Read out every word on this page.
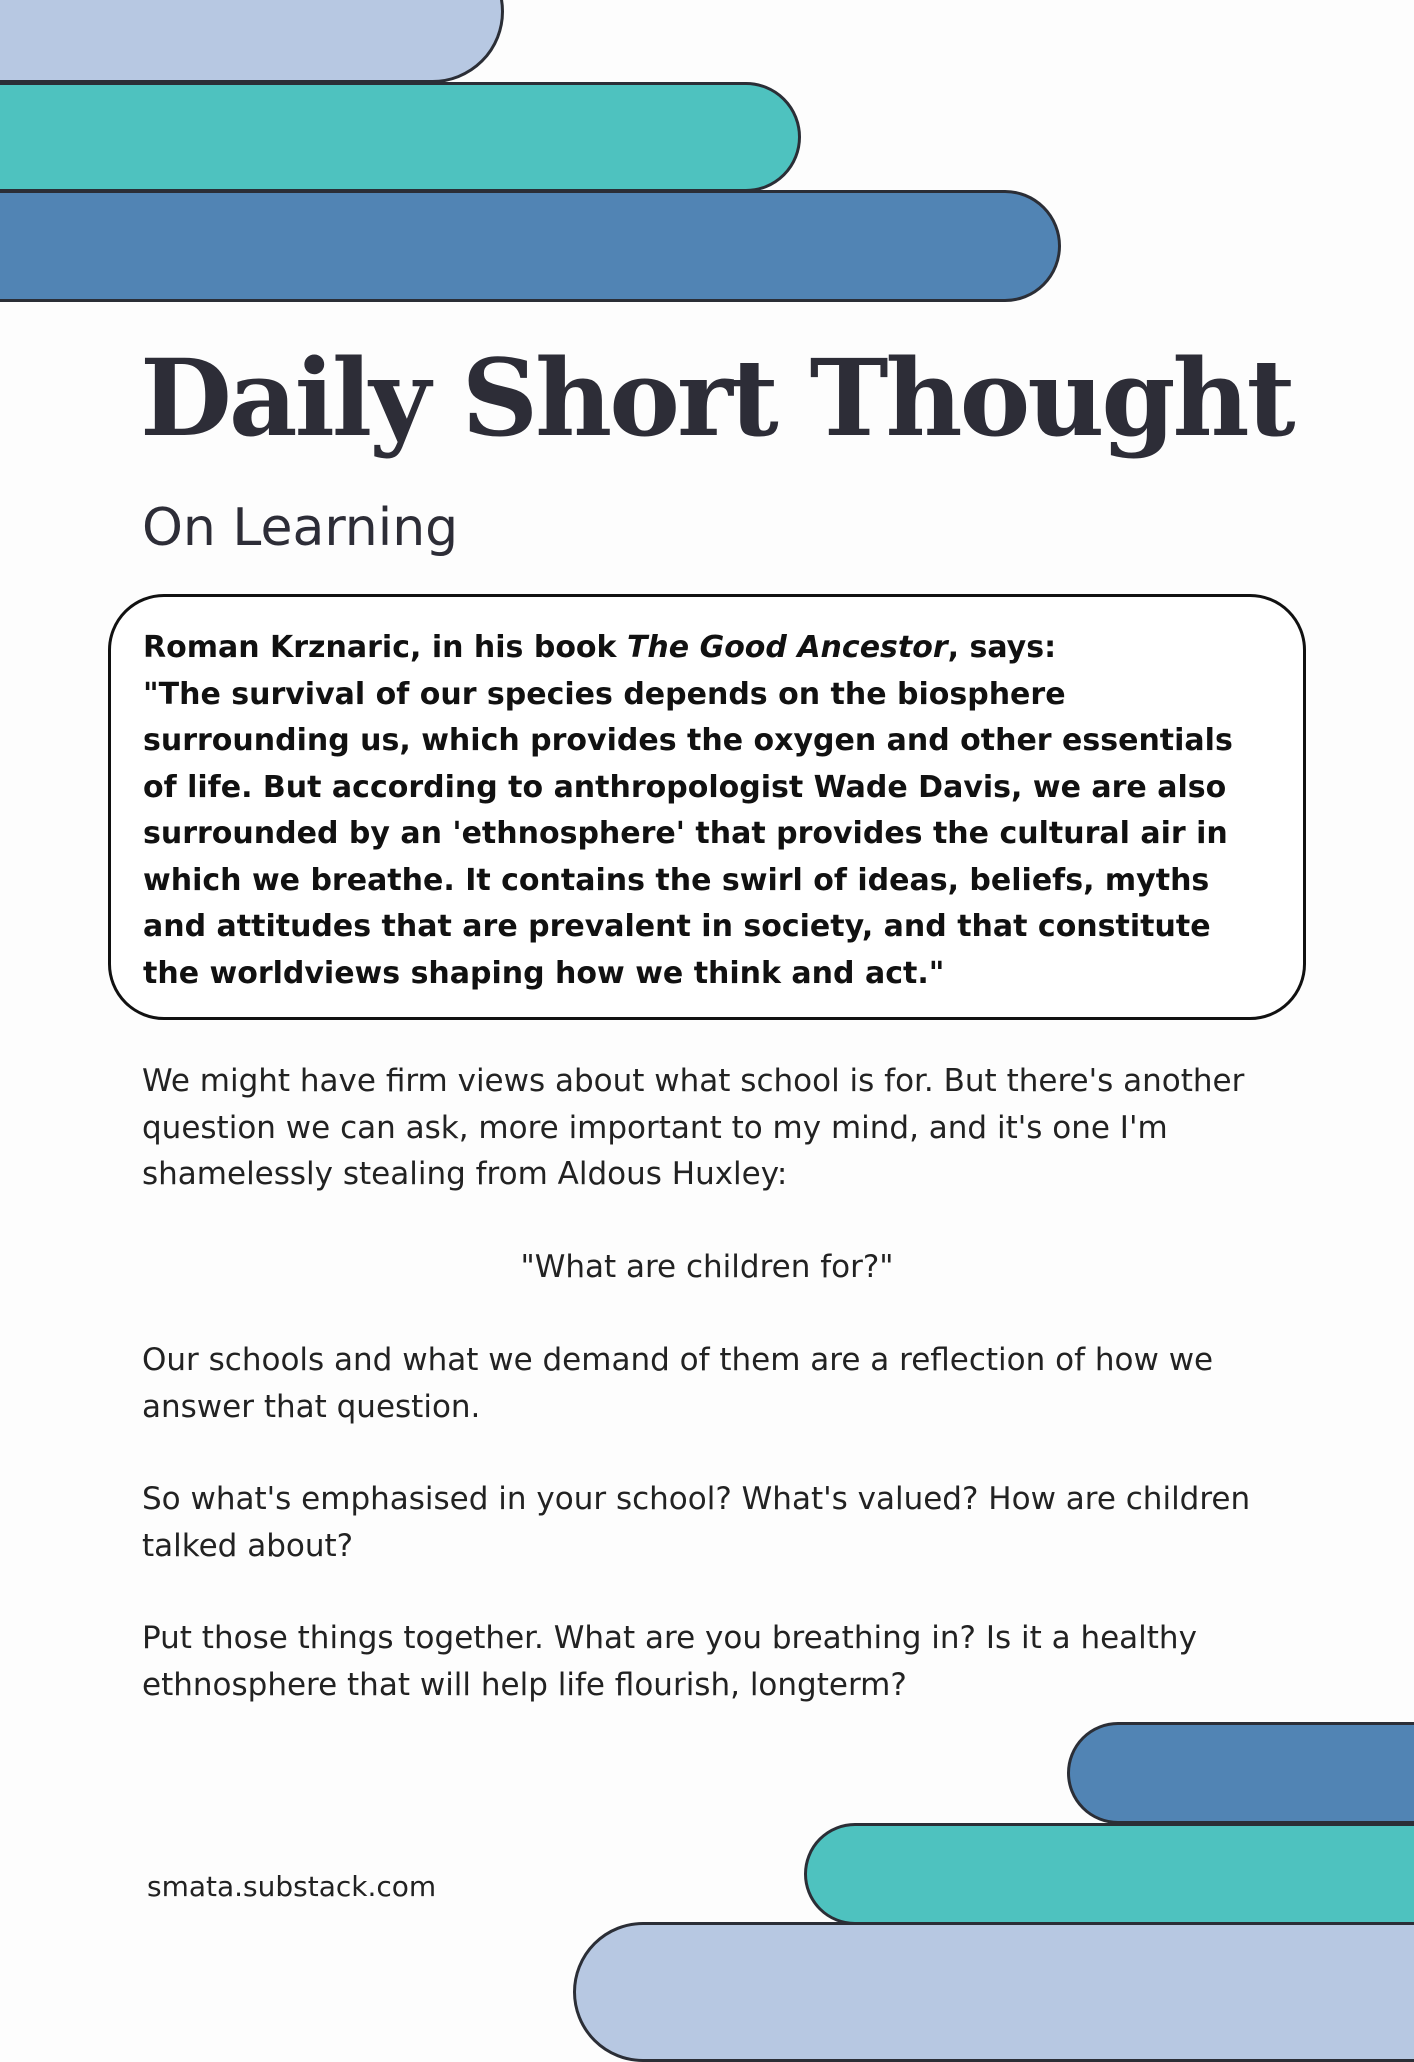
Daily Short Thought
On Learning

Roman Krznaric, in his book The Good Ancestor, says:

"The survival of our species depends on the biosphere surrounding us, which provides the oxygen and other essentials of life. But according to anthropologist Wade Davis, we are also surrounded by an 'ethnosphere' that provides the cultural air in which we breathe. It contains the swirl of ideas, beliefs, myths and attitudes that are prevalent in society, and that constitute the worldviews shaping how we think and act."

We might have firm views about what school is for. But there's another question we can ask, more important to my mind, and it's one I'm shamelessly stealing from Aldous Huxley:

"What are children for?"

Our schools and what we demand of them are a reflection of how we answer that question.

So what's emphasised in your school? What's valued? How are children talked about?

Put those things together. What are you breathing in? Is it a healthy ethnosphere that will help life flourish, longterm?

smata.substack.com
